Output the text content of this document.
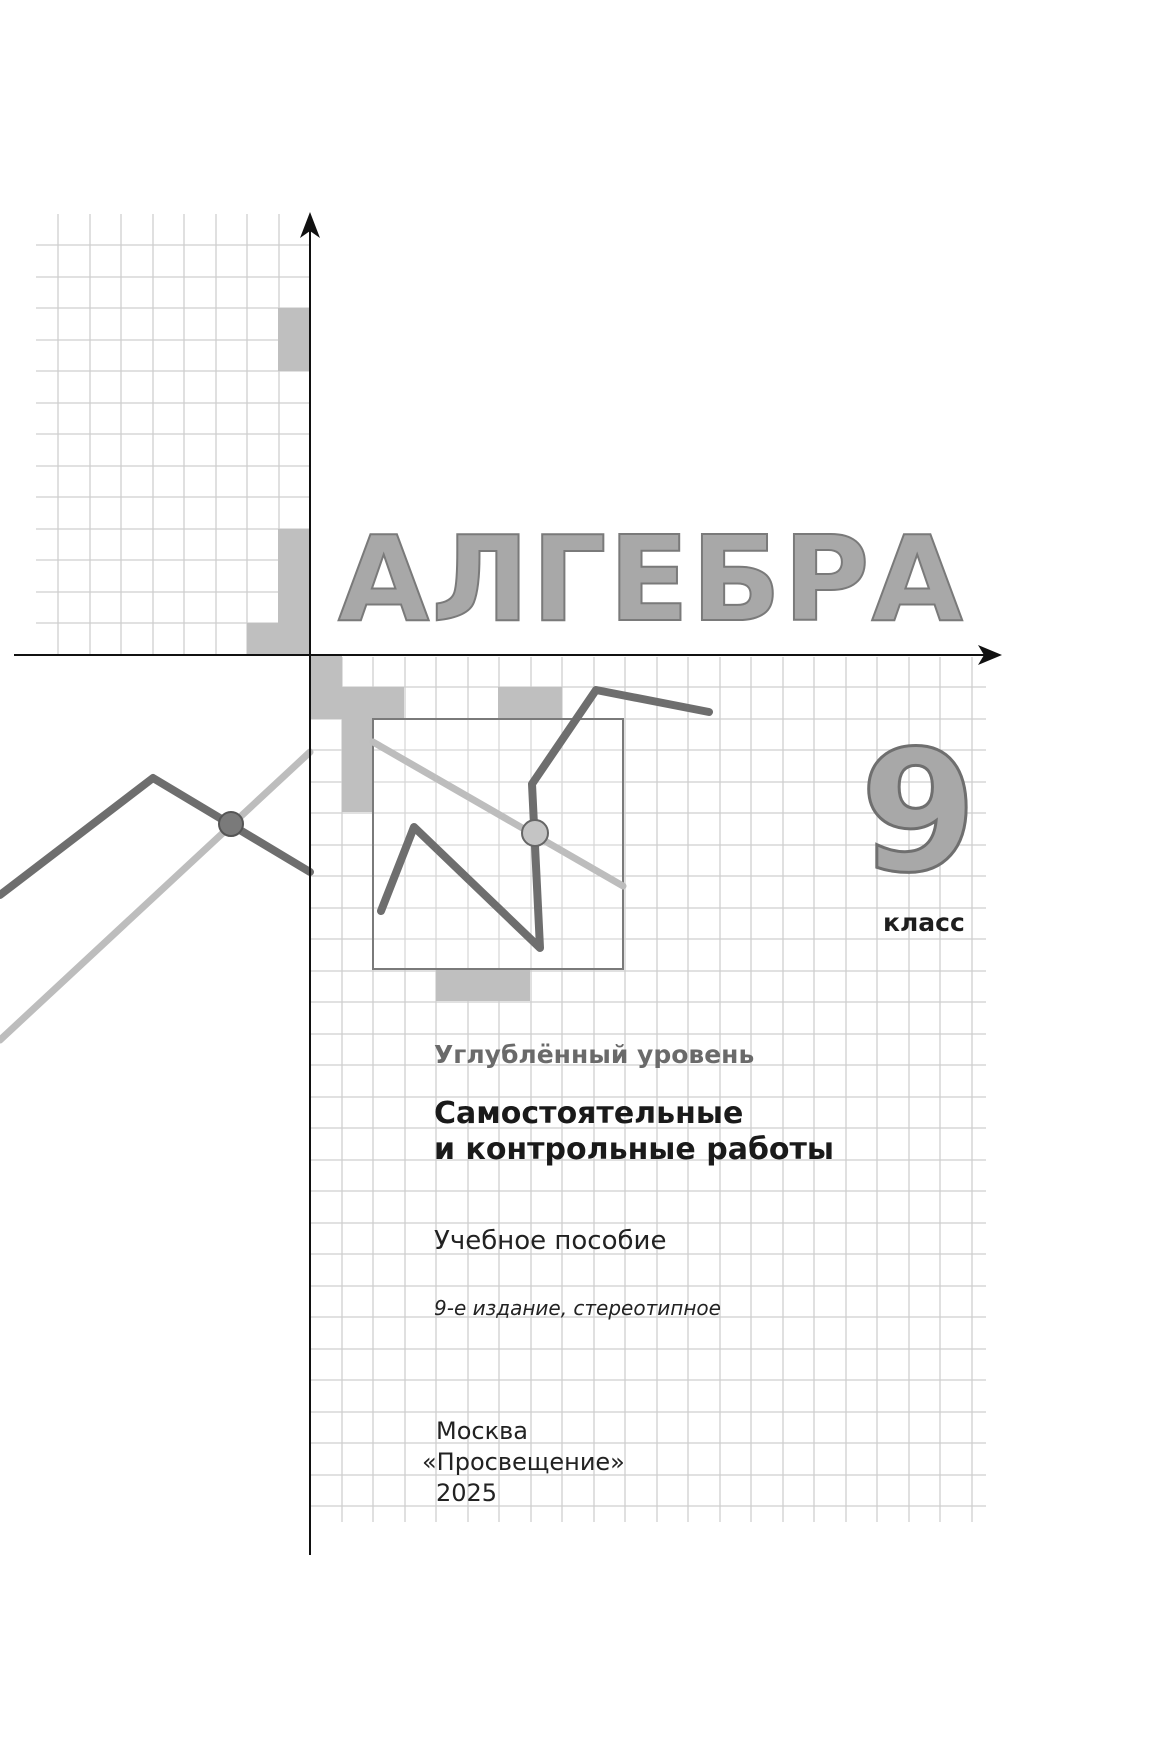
АЛГЕБРА
9
класс
Углублённый уровень
Самостоятельные
и контрольные работы
Учебное пособие
9-е издание, стереотипное
Москва
«Просвещение»
2025
